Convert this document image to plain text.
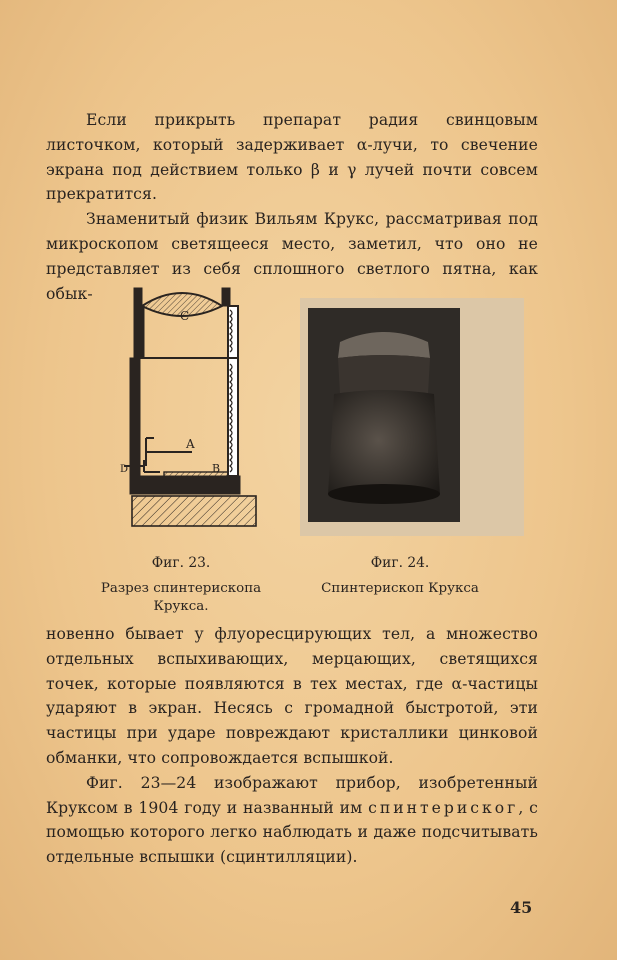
Если прикрыть препарат радия свинцовым листочком, который задерживает α-лучи, то свечение экрана под действием только β и γ лучей почти совсем прекратится.

Знаменитый физик Вильям Крукс, рассматривая под микроскопом светящееся место, заметил, что оно не представляет из себя сплошного светлого пятна, как обык-

C
A
B
D
Фиг. 23.
Разрез спинтерископа Крукса.
Фиг. 24.
Спинтерископ Крукса

новенно бывает у флуоресцирующих тел, а множество отдельных вспыхивающих, мерцающих, светящихся точек, которые появляются в тех местах, где α-частицы ударяют в экран. Несясь с громадной быстротой, эти частицы при ударе повреждают кристаллики цинковой обманки, что сопровождается вспышкой.

Фиг. 23—24 изображают прибор, изобретенный Круксом в 1904 году и названный им спинтериског, с помощью которого легко наблюдать и даже подсчитывать отдельные вспышки (сцинтилляции).

45
